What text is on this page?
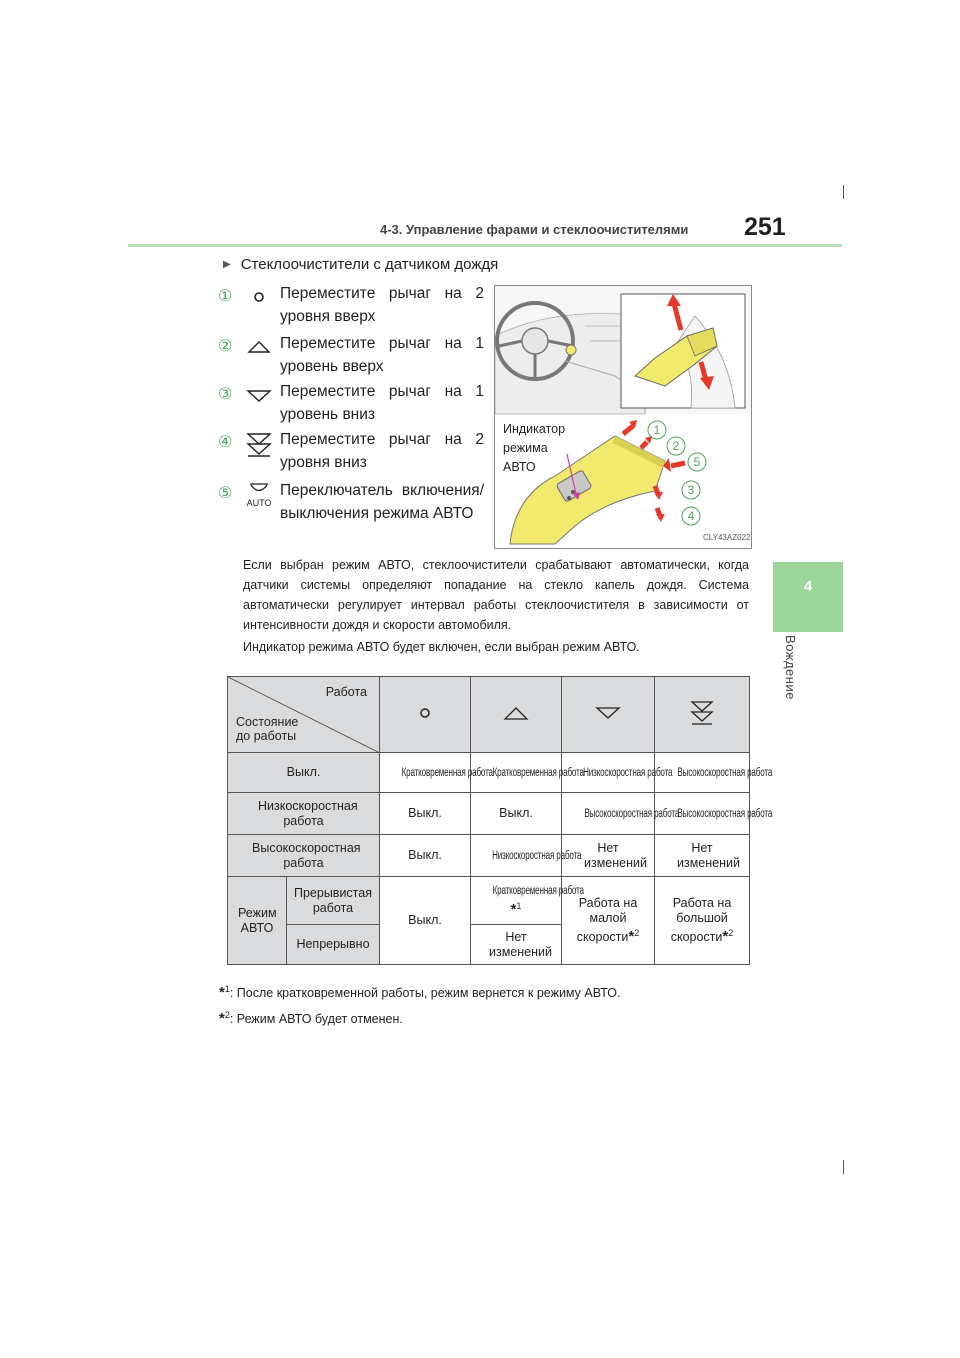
4-3. Управление фарами и стеклоочистителями 251
4
Вождение
▶ Стеклоочистители с датчиком дождя
①	Переместите рычаг на 2 уровня вверх
②	Переместите рычаг на 1 уровень вверх
③	Переместите рычаг на 1 уровень вниз
④	Переместите рычаг на 2 уровня вниз
⑤
AUTO
Переключатель включения/выключения режима АВТО
1
2
5
3
4
CLY43AZ022
Индикатор режима АВТО
Если выбран режим АВТО, стеклоочистители срабатывают автоматически, когда датчики системы определяют попадание на стекло капель дождя. Система автоматически регулирует интервал работы стеклоочистителя в зависимости от интенсивности дождя и скорости автомобиля.
Индикатор режима АВТО будет включен, если выбран режим АВТО.
Работа
Состояние до работы

Выкл.		Кратковременная работа	Кратковременная работа	Низкоскоростная работа	Высокоскоростная работа
Низкоскоростная работа		Выкл.	Выкл.	Высокоскоростная работа	Высокоскоростная работа
Высокоскоростная работа		Выкл.	Низкоскоростная работа	Нет изменений	Нет изменений
Режим АВТО	Прерывистая работа	Выкл.	Кратковременная работа*$^1$	Работа на малой скорости*$^2$	Работа на большой скорости*$^2$
	Непрерывно		Нет изменений		
*$^1$: После кратковременной работы, режим вернется к режиму АВТО.
*$^2$: Режим АВТО будет отменен.
